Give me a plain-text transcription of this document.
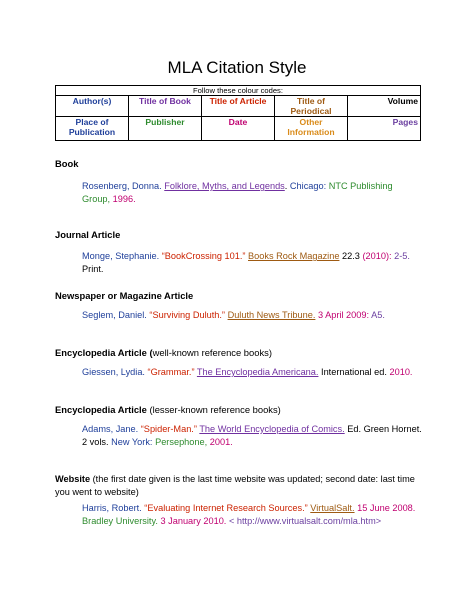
MLA Citation Style
Follow these colour codes:				
Author(s)	Title of Book	Title of Article	Title of Periodical	Volume
Place of Publication	Publisher	Date	Other Information	Pages
Book
Rosenberg, Donna. Folklore, Myths, and Legends. Chicago: NTC Publishing Group, 1996.
Journal Article
Monge, Stephanie. “BookCrossing 101.” Books Rock Magazine 22.3 (2010): 2-5. Print.
Newspaper or Magazine Article
Seglem, Daniel. “Surviving Duluth.” Duluth News Tribune. 3 April 2009: A5.
Encyclopedia Article (well-known reference books)
Giessen, Lydia. “Grammar.” The Encyclopedia Americana. International ed. 2010.
Encyclopedia Article (lesser-known reference books)
Adams, Jane. “Spider-Man.” The World Encyclopedia of Comics. Ed. Green Hornet. 2 vols. New York: Persephone, 2001.
Website (the first date given is the last time website was updated; second date: last time you went to website)
Harris, Robert. “Evaluating Internet Research Sources.” VirtualSalt. 15 June 2008. Bradley University. 3 January 2010. < http://www.virtualsalt.com/mla.htm>
